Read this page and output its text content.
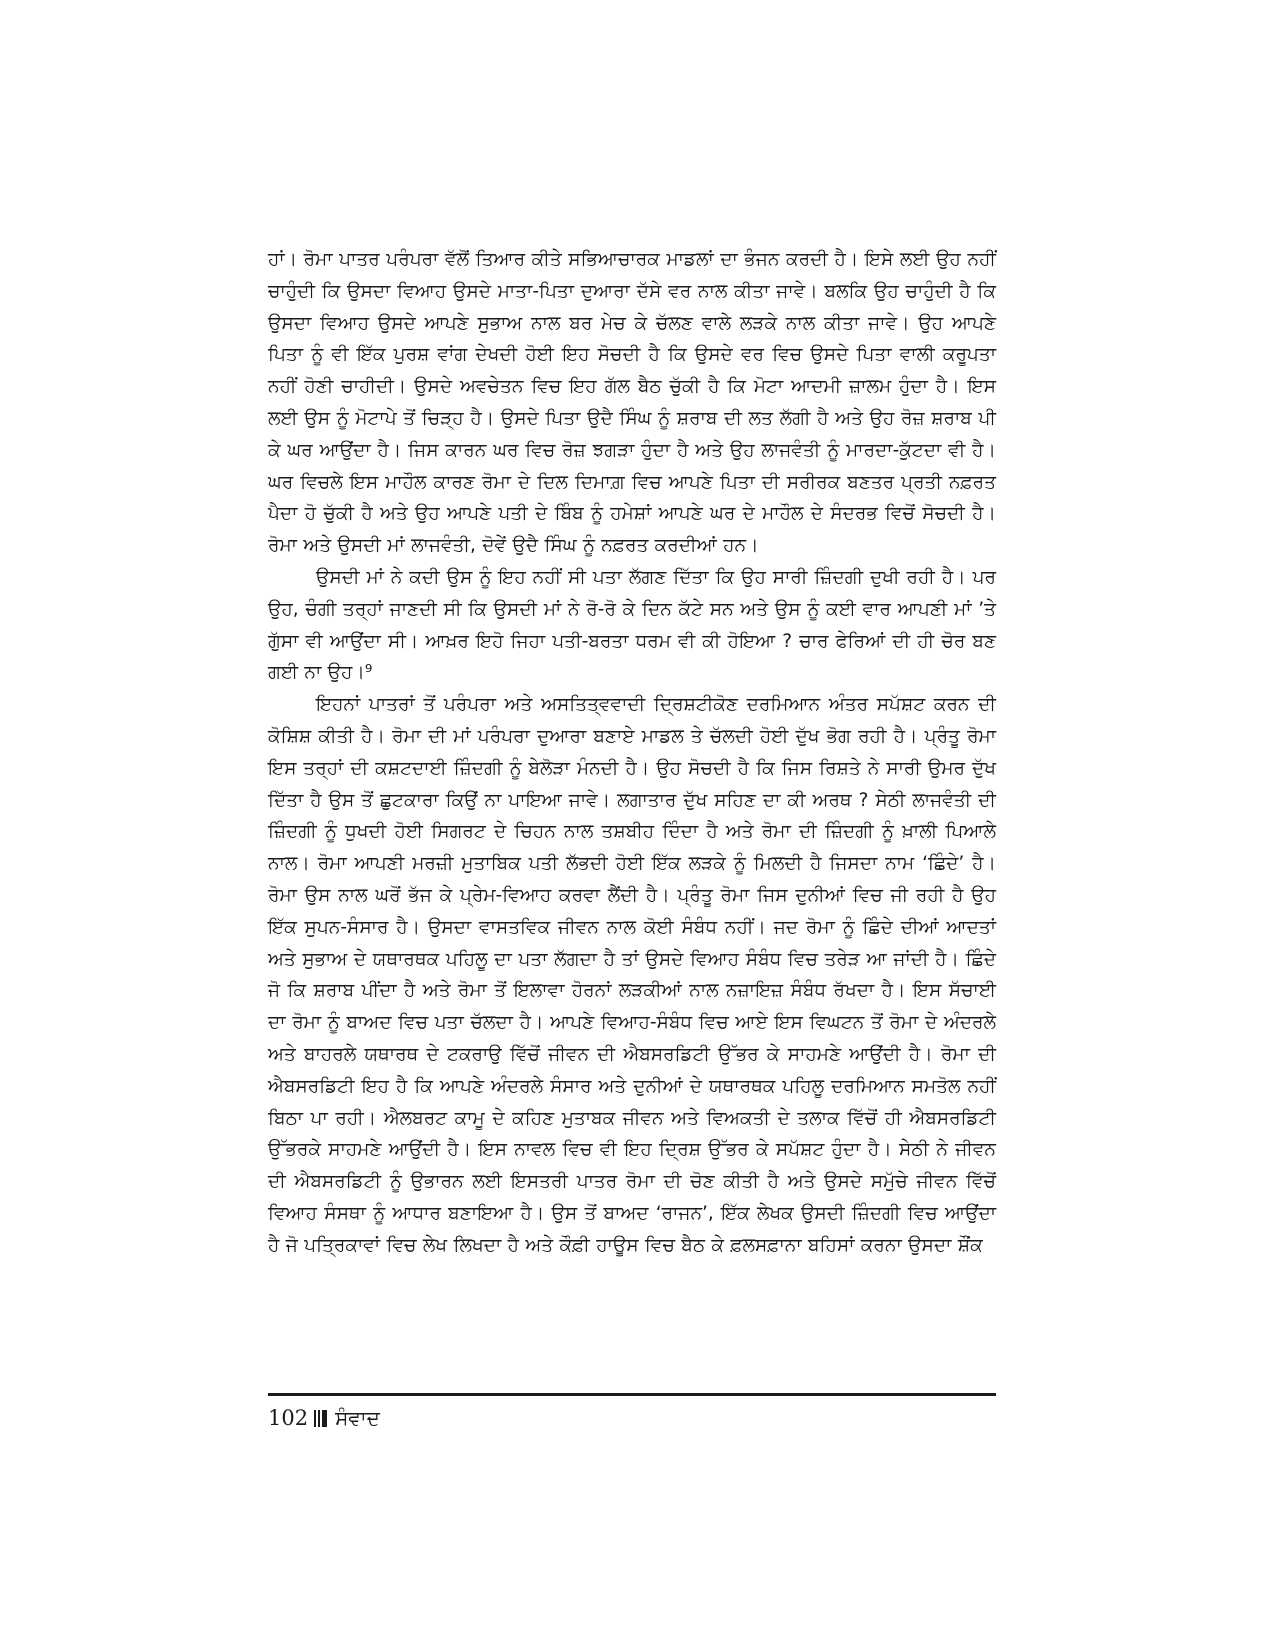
ਹਾਂ। ਰੋਮਾ ਪਾਤਰ ਪਰੰਪਰਾ ਵੱਲੋਂ ਤਿਆਰ ਕੀਤੇ ਸਭਿਆਚਾਰਕ ਮਾਡਲਾਂ ਦਾ ਭੰਜਨ ਕਰਦੀ ਹੈ। ਇਸੇ ਲਈ ਉਹ ਨਹੀਂ ਚਾਹੁੰਦੀ ਕਿ ਉਸਦਾ ਵਿਆਹ ਉਸਦੇ ਮਾਤਾ-ਪਿਤਾ ਦੁਆਰਾ ਦੱਸੇ ਵਰ ਨਾਲ ਕੀਤਾ ਜਾਵੇ। ਬਲਕਿ ਉਹ ਚਾਹੁੰਦੀ ਹੈ ਕਿ ਉਸਦਾ ਵਿਆਹ ਉਸਦੇ ਆਪਣੇ ਸੁਭਾਅ ਨਾਲ ਬਰ ਮੇਚ ਕੇ ਚੱਲਣ ਵਾਲੇ ਲੜਕੇ ਨਾਲ ਕੀਤਾ ਜਾਵੇ। ਉਹ ਆਪਣੇ ਪਿਤਾ ਨੂੰ ਵੀ ਇੱਕ ਪੁਰਸ਼ ਵਾਂਗ ਦੇਖਦੀ ਹੋਈ ਇਹ ਸੋਚਦੀ ਹੈ ਕਿ ਉਸਦੇ ਵਰ ਵਿਚ ਉਸਦੇ ਪਿਤਾ ਵਾਲੀ ਕਰੂਪਤਾ ਨਹੀਂ ਹੋਣੀ ਚਾਹੀਦੀ। ਉਸਦੇ ਅਵਚੇਤਨ ਵਿਚ ਇਹ ਗੱਲ ਬੈਠ ਚੁੱਕੀ ਹੈ ਕਿ ਮੋਟਾ ਆਦਮੀ ਜ਼ਾਲਮ ਹੁੰਦਾ ਹੈ। ਇਸ ਲਈ ਉਸ ਨੂੰ ਮੋਟਾਪੇ ਤੋਂ ਚਿੜ੍ਹ ਹੈ। ਉਸਦੇ ਪਿਤਾ ਉਦੈ ਸਿੰਘ ਨੂੰ ਸ਼ਰਾਬ ਦੀ ਲਤ ਲੱਗੀ ਹੈ ਅਤੇ ਉਹ ਰੋਜ਼ ਸ਼ਰਾਬ ਪੀ ਕੇ ਘਰ ਆਉਂਦਾ ਹੈ। ਜਿਸ ਕਾਰਨ ਘਰ ਵਿਚ ਰੋਜ਼ ਝਗੜਾ ਹੁੰਦਾ ਹੈ ਅਤੇ ਉਹ ਲਾਜਵੰਤੀ ਨੂੰ ਮਾਰਦਾ-ਕੁੱਟਦਾ ਵੀ ਹੈ। ਘਰ ਵਿਚਲੇ ਇਸ ਮਾਹੌਲ ਕਾਰਣ ਰੋਮਾ ਦੇ ਦਿਲ ਦਿਮਾਗ਼ ਵਿਚ ਆਪਣੇ ਪਿਤਾ ਦੀ ਸਰੀਰਕ ਬਣਤਰ ਪ੍ਰਤੀ ਨਫ਼ਰਤ ਪੈਦਾ ਹੋ ਚੁੱਕੀ ਹੈ ਅਤੇ ਉਹ ਆਪਣੇ ਪਤੀ ਦੇ ਬਿੰਬ ਨੂੰ ਹਮੇਸ਼ਾਂ ਆਪਣੇ ਘਰ ਦੇ ਮਾਹੌਲ ਦੇ ਸੰਦਰਭ ਵਿਚੋਂ ਸੋਚਦੀ ਹੈ। ਰੋਮਾ ਅਤੇ ਉਸਦੀ ਮਾਂ ਲਾਜਵੰਤੀ, ਦੋਵੇਂ ਉਦੈ ਸਿੰਘ ਨੂੰ ਨਫ਼ਰਤ ਕਰਦੀਆਂ ਹਨ।

ਉਸਦੀ ਮਾਂ ਨੇ ਕਦੀ ਉਸ ਨੂੰ ਇਹ ਨਹੀਂ ਸੀ ਪਤਾ ਲੱਗਣ ਦਿੱਤਾ ਕਿ ਉਹ ਸਾਰੀ ਜ਼ਿੰਦਗੀ ਦੁਖੀ ਰਹੀ ਹੈ। ਪਰ ਉਹ, ਚੰਗੀ ਤਰ੍ਹਾਂ ਜਾਣਦੀ ਸੀ ਕਿ ਉਸਦੀ ਮਾਂ ਨੇ ਰੋ-ਰੋ ਕੇ ਦਿਨ ਕੱਟੇ ਸਨ ਅਤੇ ਉਸ ਨੂੰ ਕਈ ਵਾਰ ਆਪਣੀ ਮਾਂ ’ਤੇ ਗੁੱਸਾ ਵੀ ਆਉਂਦਾ ਸੀ। ਆਖ਼ਰ ਇਹੋ ਜਿਹਾ ਪਤੀ-ਬਰਤਾ ਧਰਮ ਵੀ ਕੀ ਹੋਇਆ ? ਚਾਰ ਫੇਰਿਆਂ ਦੀ ਹੀ ਚੋਰ ਬਣ ਗਈ ਨਾ ਉਹ।⁹

ਇਹਨਾਂ ਪਾਤਰਾਂ ਤੋਂ ਪਰੰਪਰਾ ਅਤੇ ਅਸਤਿਤ੍ਵਵਾਦੀ ਦ੍ਰਿਸ਼ਟੀਕੋਣ ਦਰਮਿਆਨ ਅੰਤਰ ਸਪੱਸ਼ਟ ਕਰਨ ਦੀ ਕੋਸ਼ਿਸ਼ ਕੀਤੀ ਹੈ। ਰੋਮਾ ਦੀ ਮਾਂ ਪਰੰਪਰਾ ਦੁਆਰਾ ਬਣਾਏ ਮਾਡਲ ਤੇ ਚੱਲਦੀ ਹੋਈ ਦੁੱਖ ਭੋਗ ਰਹੀ ਹੈ। ਪ੍ਰੰਤੂ ਰੋਮਾ ਇਸ ਤਰ੍ਹਾਂ ਦੀ ਕਸ਼ਟਦਾਈ ਜ਼ਿੰਦਗੀ ਨੂੰ ਬੇਲੋੜਾ ਮੰਨਦੀ ਹੈ। ਉਹ ਸੋਚਦੀ ਹੈ ਕਿ ਜਿਸ ਰਿਸ਼ਤੇ ਨੇ ਸਾਰੀ ਉਮਰ ਦੁੱਖ ਦਿੱਤਾ ਹੈ ਉਸ ਤੋਂ ਛੁਟਕਾਰਾ ਕਿਉਂ ਨਾ ਪਾਇਆ ਜਾਵੇ। ਲਗਾਤਾਰ ਦੁੱਖ ਸਹਿਣ ਦਾ ਕੀ ਅਰਥ ? ਸੇਠੀ ਲਾਜਵੰਤੀ ਦੀ ਜ਼ਿੰਦਗੀ ਨੂੰ ਧੁਖਦੀ ਹੋਈ ਸਿਗਰਟ ਦੇ ਚਿਹਨ ਨਾਲ ਤਸ਼ਬੀਹ ਦਿੰਦਾ ਹੈ ਅਤੇ ਰੋਮਾ ਦੀ ਜ਼ਿੰਦਗੀ ਨੂੰ ਖ਼ਾਲੀ ਪਿਆਲੇ ਨਾਲ। ਰੋਮਾ ਆਪਣੀ ਮਰਜ਼ੀ ਮੁਤਾਬਿਕ ਪਤੀ ਲੱਭਦੀ ਹੋਈ ਇੱਕ ਲੜਕੇ ਨੂੰ ਮਿਲਦੀ ਹੈ ਜਿਸਦਾ ਨਾਮ ‘ਛਿੰਦੇ’ ਹੈ। ਰੋਮਾ ਉਸ ਨਾਲ ਘਰੋਂ ਭੱਜ ਕੇ ਪ੍ਰੇਮ-ਵਿਆਹ ਕਰਵਾ ਲੈਂਦੀ ਹੈ। ਪ੍ਰੰਤੂ ਰੋਮਾ ਜਿਸ ਦੁਨੀਆਂ ਵਿਚ ਜੀ ਰਹੀ ਹੈ ਉਹ ਇੱਕ ਸੁਪਨ-ਸੰਸਾਰ ਹੈ। ਉਸਦਾ ਵਾਸਤਵਿਕ ਜੀਵਨ ਨਾਲ ਕੋਈ ਸੰਬੰਧ ਨਹੀਂ। ਜਦ ਰੋਮਾ ਨੂੰ ਛਿੰਦੇ ਦੀਆਂ ਆਦਤਾਂ ਅਤੇ ਸੁਭਾਅ ਦੇ ਯਥਾਰਥਕ ਪਹਿਲੂ ਦਾ ਪਤਾ ਲੱਗਦਾ ਹੈ ਤਾਂ ਉਸਦੇ ਵਿਆਹ ਸੰਬੰਧ ਵਿਚ ਤਰੇੜ ਆ ਜਾਂਦੀ ਹੈ। ਛਿੰਦੇ ਜੋ ਕਿ ਸ਼ਰਾਬ ਪੀਂਦਾ ਹੈ ਅਤੇ ਰੋਮਾ ਤੋਂ ਇਲਾਵਾ ਹੋਰਨਾਂ ਲੜਕੀਆਂ ਨਾਲ ਨਜ਼ਾਇਜ਼ ਸੰਬੰਧ ਰੱਖਦਾ ਹੈ। ਇਸ ਸੱਚਾਈ ਦਾ ਰੋਮਾ ਨੂੰ ਬਾਅਦ ਵਿਚ ਪਤਾ ਚੱਲਦਾ ਹੈ। ਆਪਣੇ ਵਿਆਹ-ਸੰਬੰਧ ਵਿਚ ਆਏ ਇਸ ਵਿਘਟਨ ਤੋਂ ਰੋਮਾ ਦੇ ਅੰਦਰਲੇ ਅਤੇ ਬਾਹਰਲੇ ਯਥਾਰਥ ਦੇ ਟਕਰਾਉ ਵਿੱਚੋਂ ਜੀਵਨ ਦੀ ਐਬਸਰਡਿਟੀ ਉੱਭਰ ਕੇ ਸਾਹਮਣੇ ਆਉਂਦੀ ਹੈ। ਰੋਮਾ ਦੀ ਐਬਸਰਡਿਟੀ ਇਹ ਹੈ ਕਿ ਆਪਣੇ ਅੰਦਰਲੇ ਸੰਸਾਰ ਅਤੇ ਦੁਨੀਆਂ ਦੇ ਯਥਾਰਥਕ ਪਹਿਲੂ ਦਰਮਿਆਨ ਸਮਤੋਲ ਨਹੀਂ ਬਿਠਾ ਪਾ ਰਹੀ। ਐਲਬਰਟ ਕਾਮੂ ਦੇ ਕਹਿਣ ਮੁਤਾਬਕ ਜੀਵਨ ਅਤੇ ਵਿਅਕਤੀ ਦੇ ਤਲਾਕ ਵਿੱਚੋਂ ਹੀ ਐਬਸਰਡਿਟੀ ਉੱਭਰਕੇ ਸਾਹਮਣੇ ਆਉਂਦੀ ਹੈ। ਇਸ ਨਾਵਲ ਵਿਚ ਵੀ ਇਹ ਦ੍ਰਿਸ਼ ਉੱਭਰ ਕੇ ਸਪੱਸ਼ਟ ਹੁੰਦਾ ਹੈ। ਸੇਠੀ ਨੇ ਜੀਵਨ ਦੀ ਐਬਸਰਡਿਟੀ ਨੂੰ ਉਭਾਰਨ ਲਈ ਇਸਤਰੀ ਪਾਤਰ ਰੋਮਾ ਦੀ ਚੋਣ ਕੀਤੀ ਹੈ ਅਤੇ ਉਸਦੇ ਸਮੁੱਚੇ ਜੀਵਨ ਵਿੱਚੋਂ ਵਿਆਹ ਸੰਸਥਾ ਨੂੰ ਆਧਾਰ ਬਣਾਇਆ ਹੈ। ਉਸ ਤੋਂ ਬਾਅਦ ‘ਰਾਜਨ’, ਇੱਕ ਲੇਖਕ ਉਸਦੀ ਜ਼ਿੰਦਗੀ ਵਿਚ ਆਉਂਦਾ ਹੈ ਜੋ ਪਤ੍ਰਿਕਾਵਾਂ ਵਿਚ ਲੇਖ ਲਿਖਦਾ ਹੈ ਅਤੇ ਕੌਫ਼ੀ ਹਾਊਸ ਵਿਚ ਬੈਠ ਕੇ ਫ਼ਲਸਫ਼ਾਨਾ ਬਹਿਸਾਂ ਕਰਨਾ ਉਸਦਾ ਸ਼ੌਂਕ

102 ਸੰਵਾਦ
